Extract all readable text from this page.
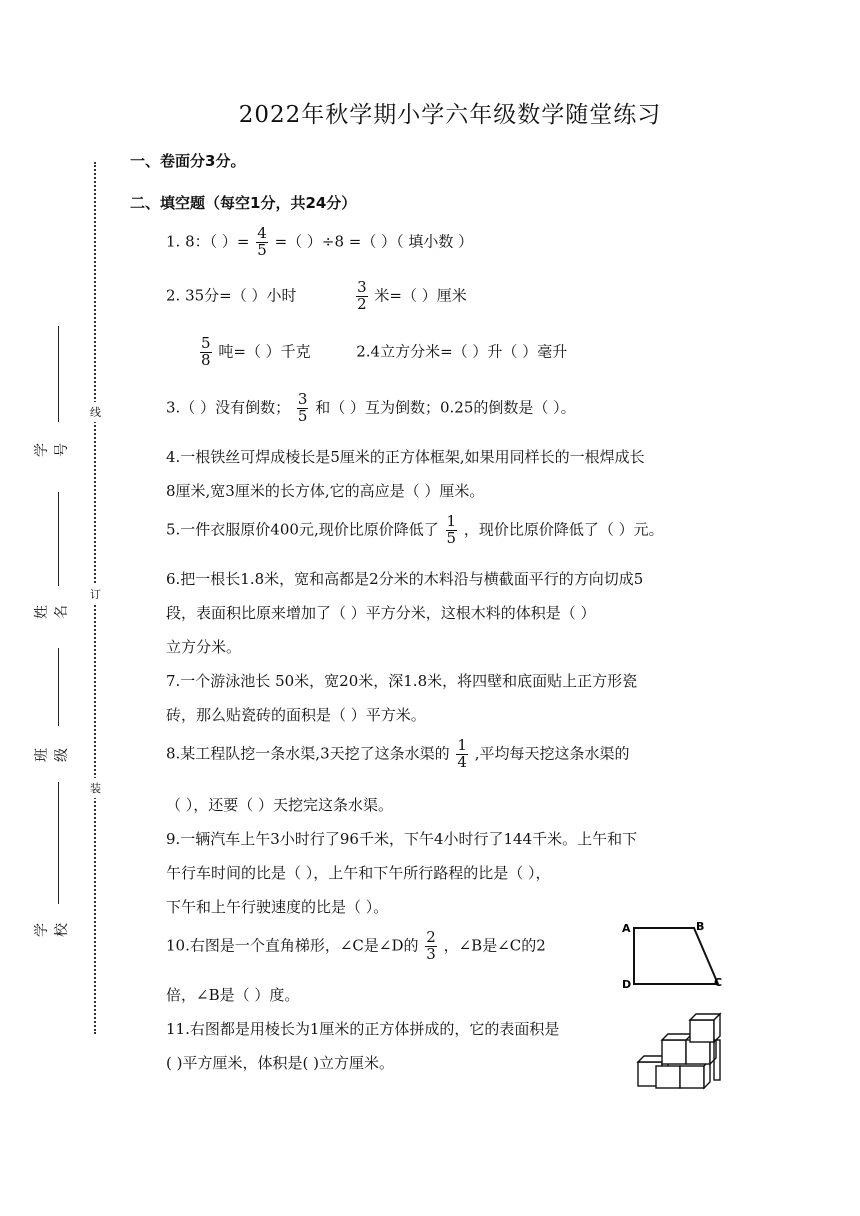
2022年秋学期小学六年级数学随堂练习
线
订
装
学号
姓名
班级
学校
一、卷面分3分。
二、填空题（每空1分，共24分）
1. 8：（ ）= $\frac{4}{5}$ =（ ）÷8 =（ ）（ 填小数 ）
2. 35分=（ ）小时	$\frac{3}{2}$ 米=（ ）厘米
$\frac{5}{8}$ 吨=（ ）千克	2.4立方分米=（ ）升（ ）毫升
3.（ ）没有倒数； $\frac{3}{5}$ 和（ ）互为倒数；0.25的倒数是（ ）。
4.一根铁丝可焊成棱长是5厘米的正方体框架,如果用同样长的一根焊成长
8厘米,宽3厘米的长方体,它的高应是（ ）厘米。
5.一件衣服原价400元,现价比原价降低了 $\frac{1}{5}$ ，现价比原价降低了（ ）元。
6.把一根长1.8米，宽和高都是2分米的木料沿与横截面平行的方向切成5
段，表面积比原来增加了（ ）平方分米，这根木料的体积是（ ）
立方分米。
7.一个游泳池长 50米，宽20米，深1.8米，将四壁和底面贴上正方形瓷
砖，那么贴瓷砖的面积是（ ）平方米。
8.某工程队挖一条水渠,3天挖了这条水渠的 $\frac{1}{4}$ ,平均每天挖这条水渠的
（ ），还要（ ）天挖完这条水渠。
9.一辆汽车上午3小时行了96千米，下午4小时行了144千米。上午和下
午行车时间的比是（ ），上午和下午所行路程的比是（ ），
下午和上午行驶速度的比是（ ）。
10.右图是一个直角梯形，∠C是∠D的 $\frac{2}{3}$ ，∠B是∠C的2
倍，∠B是（ ）度。
A	B
D	C
11.右图都是用棱长为1厘米的正方体拼成的，它的表面积是
( )平方厘米，体积是( )立方厘米。
